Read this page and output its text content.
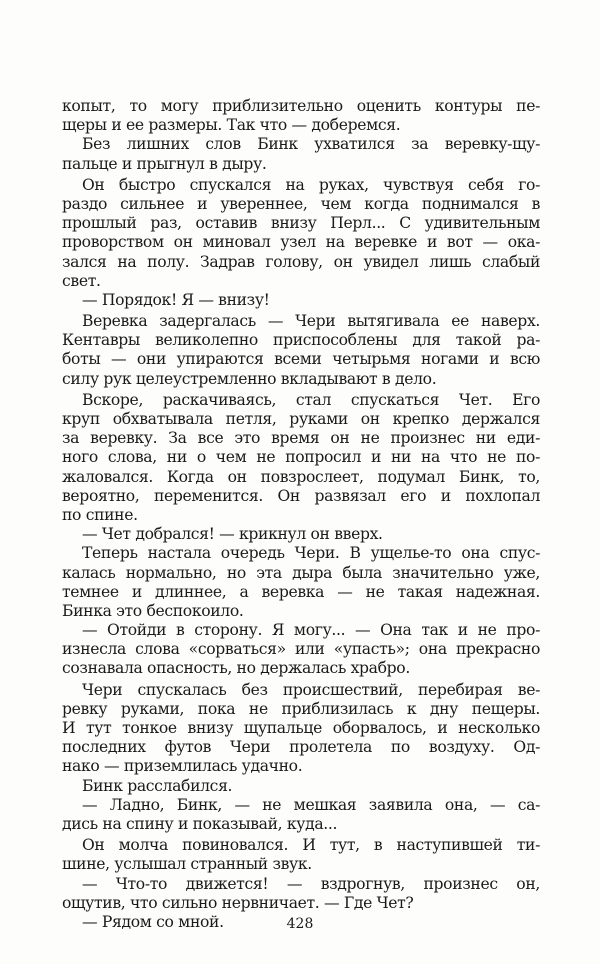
копыт, то могу приблизительно оценить контуры пе-
щеры и ее размеры. Так что — доберемся.
Без лишних слов Бинк ухватился за веревку-щу-
пальце и прыгнул в дыру.
Он быстро спускался на руках, чувствуя себя го-
раздо сильнее и увереннее, чем когда поднимался в
прошлый раз, оставив внизу Перл... С удивительным
проворством он миновал узел на веревке и вот — ока-
зался на полу. Задрав голову, он увидел лишь слабый
свет.
— Порядок! Я — внизу!
Веревка задергалась — Чери вытягивала ее наверх.
Кентавры великолепно приспособлены для такой ра-
боты — они упираются всеми четырьмя ногами и всю
силу рук целеустремленно вкладывают в дело.
Вскоре, раскачиваясь, стал спускаться Чет. Его
круп обхватывала петля, руками он крепко держался
за веревку. За все это время он не произнес ни еди-
ного слова, ни о чем не попросил и ни на что не по-
жаловался. Когда он повзрослеет, подумал Бинк, то,
вероятно, переменится. Он развязал его и похлопал
по спине.
— Чет добрался! — крикнул он вверх.
Теперь настала очередь Чери. В ущелье-то она спус-
калась нормально, но эта дыра была значительно уже,
темнее и длиннее, а веревка — не такая надежная.
Бинка это беспокоило.
— Отойди в сторону. Я могу... — Она так и не про-
изнесла слова «сорваться» или «упасть»; она прекрасно
сознавала опасность, но держалась храбро.
Чери спускалась без происшествий, перебирая ве-
ревку руками, пока не приблизилась к дну пещеры.
И тут тонкое внизу щупальце оборвалось, и несколько
последних футов Чери пролетела по воздуху. Од-
нако — приземлилась удачно.
Бинк расслабился.
— Ладно, Бинк, — не мешкая заявила она, — са-
дись на спину и показывай, куда...
Он молча повиновался. И тут, в наступившей ти-
шине, услышал странный звук.
— Что-то движется! — вздрогнув, произнес он,
ощутив, что сильно нервничает. — Где Чет?
— Рядом со мной.	428
